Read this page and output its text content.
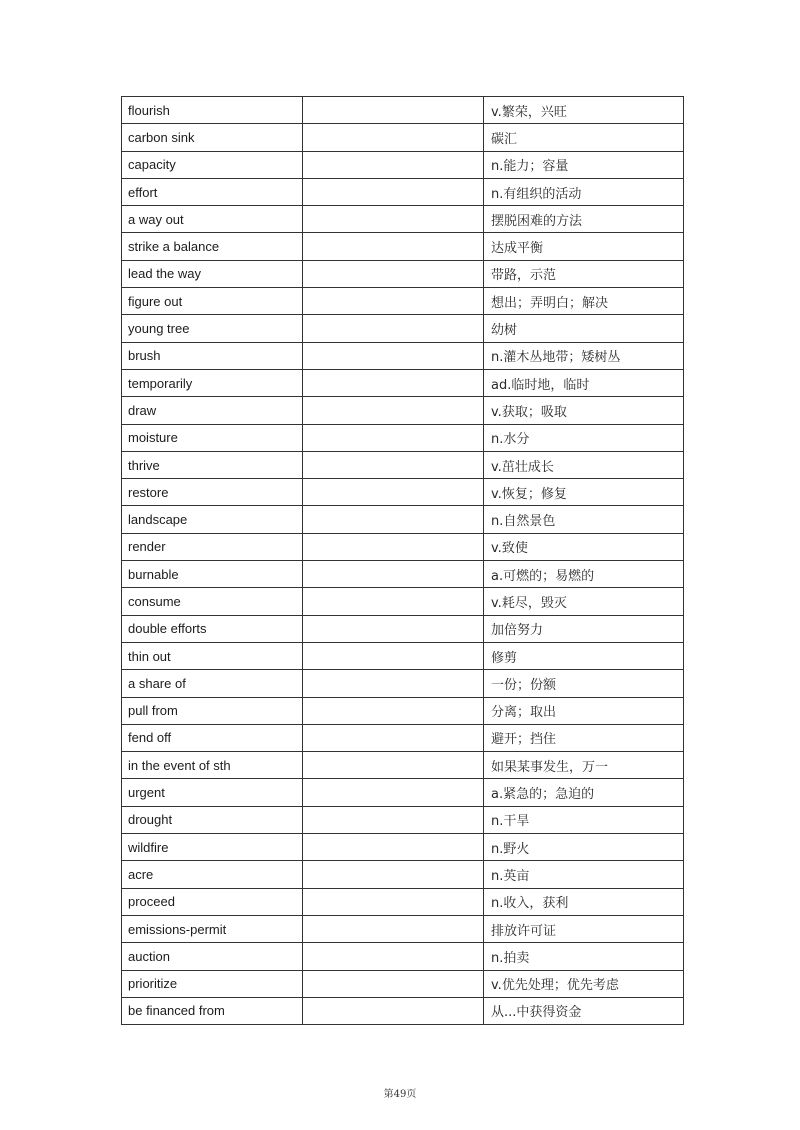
flourish		v.繁荣，兴旺
carbon sink		碳汇
capacity		n.能力；容量
effort		n.有组织的活动
a way out		摆脱困难的方法
strike a balance		达成平衡
lead the way		带路，示范
figure out		想出；弄明白；解决
young tree		幼树
brush		n.灌木丛地带；矮树丛
temporarily		ad.临时地，临时
draw		v.获取；吸取
moisture		n.水分
thrive		v.茁壮成长
restore		v.恢复；修复
landscape		n.自然景色
render		v.致使
burnable		a.可燃的；易燃的
consume		v.耗尽，毁灭
double efforts		加倍努力
thin out		修剪
a share of		一份；份额
pull from		分离；取出
fend off		避开；挡住
in the event of sth		如果某事发生，万一
urgent		a.紧急的；急迫的
drought		n.干旱
wildfire		n.野火
acre		n.英亩
proceed		n.收入，获利
emissions-permit		排放许可证
auction		n.拍卖
prioritize		v.优先处理；优先考虑
be financed from		从...中获得资金
第49页
